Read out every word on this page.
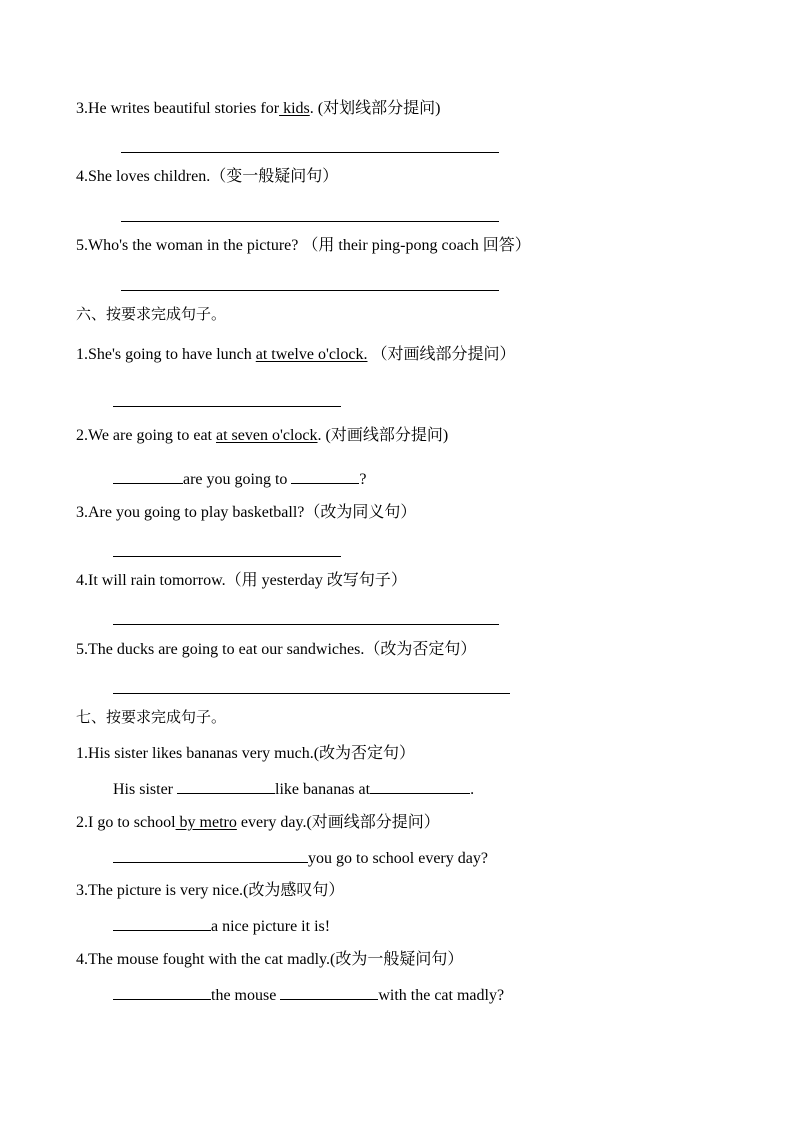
3.He writes beautiful stories for kids. (对划线部分提问)
4.She loves children.（变一般疑问句）
5.Who's the woman in the picture? （用 their ping-pong coach 回答）
六、按要求完成句子。
1.She's going to have lunch at twelve o'clock. （对画线部分提问）
2.We are going to eat at seven o'clock. (对画线部分提问)
are you going to	?
3.Are you going to play basketball?（改为同义句）
4.It will rain tomorrow.（用 yesterday 改写句子）
5.The ducks are going to eat our sandwiches.（改为否定句）
七、按要求完成句子。
1.His sister likes bananas very much.(改为否定句）
His sister	like bananas at	.
2.I go to school by metro every day.(对画线部分提问）
you go to school every day?
3.The picture is very nice.(改为感叹句）
a nice picture it is!
4.The mouse fought with the cat madly.(改为一般疑问句）
the mouse	with the cat madly?
